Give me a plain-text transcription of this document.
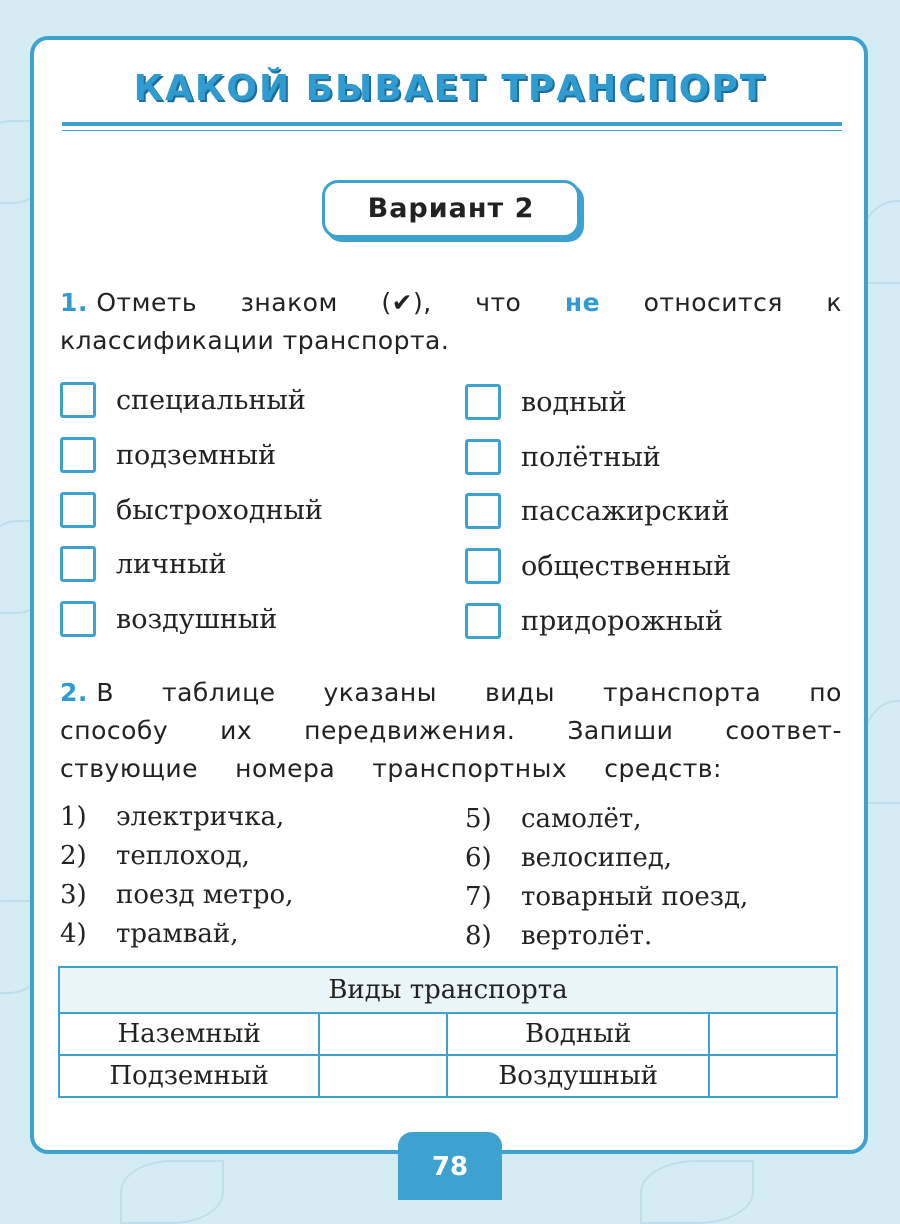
КАКОЙ БЫВАЕТ ТРАНСПОРТ
Вариант 2
1. Отметь знаком (✔), что не относится к
классификации транспорта.
специальный
подземный
быстроходный
личный
воздушный
водный
полётный
пассажирский
общественный
придорожный
2. В таблице указаны виды транспорта по
способу их передвижения. Запиши соответ-
ствующие номера транспортных средств:
1) электричка,
2) теплоход,
3) поезд метро,
4) трамвай,
5) самолёт,
6) велосипед,
7) товарный поезд,
8) вертолёт.
Виды транспорта			
Наземный		Водный	
Подземный		Воздушный	
78
